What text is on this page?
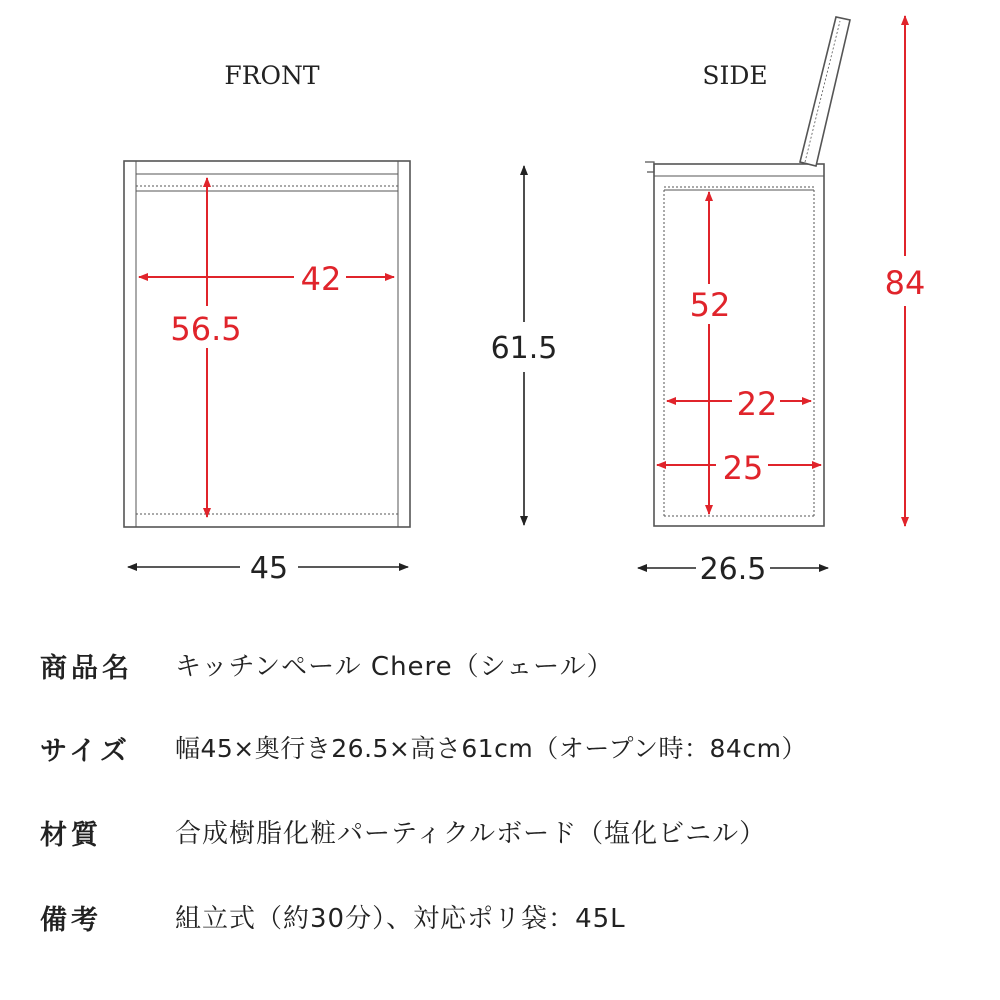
FRONT
42
56.5
45
61.5
SIDE
52
22
25
26.5
84
商品名 キッチンペール Chere（シェール）
サイズ 幅45×奥行き26.5×高さ61cm（オープン時：84cm）
材質	合成樹脂化粧パーティクルボード（塩化ビニル）
備考	組立式（約30分）、対応ポリ袋：45L
